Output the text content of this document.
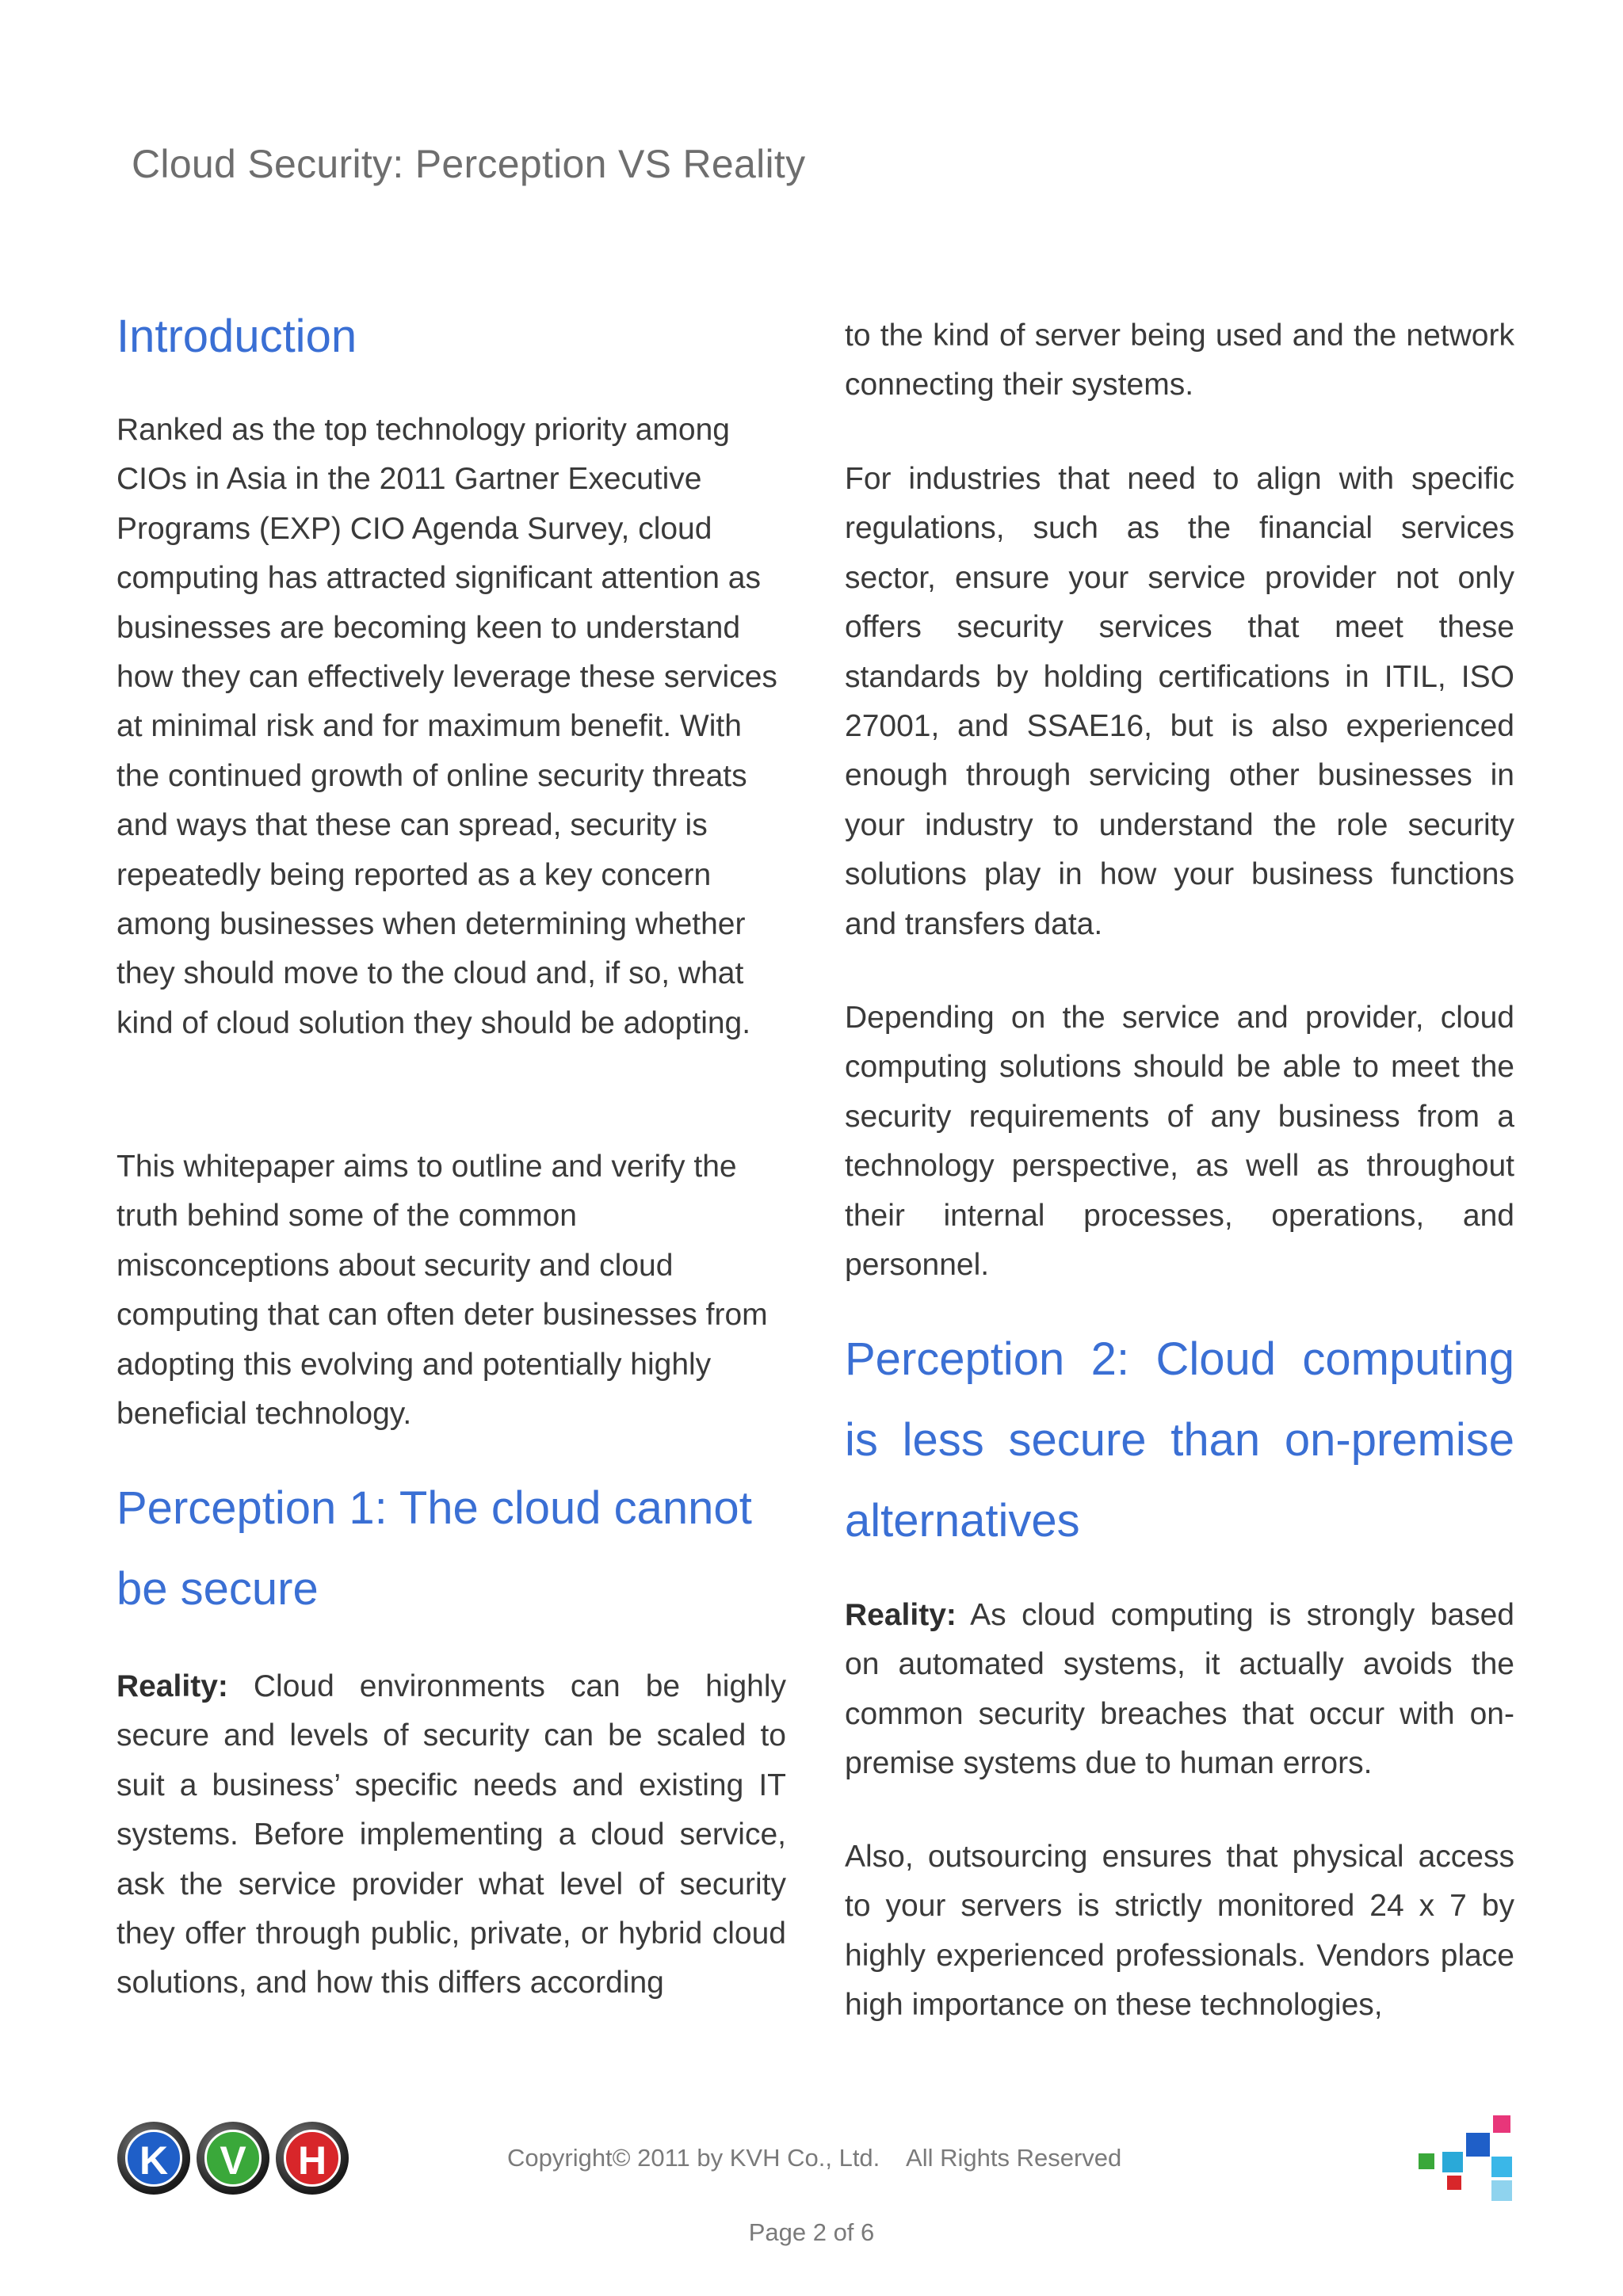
Cloud Security: Perception VS Reality
Introduction

Ranked as the top technology priority among CIOs in Asia in the 2011 Gartner Executive Programs (EXP) CIO Agenda Survey, cloud computing has attracted significant attention as businesses are becoming keen to understand how they can effectively leverage these services at minimal risk and for maximum benefit. With the continued growth of online security threats and ways that these can spread, security is repeatedly being reported as a key concern among businesses when determining whether they should move to the cloud and, if so, what kind of cloud solution they should be adopting.

This whitepaper aims to outline and verify the truth behind some of the common misconceptions about security and cloud computing that can often deter businesses from adopting this evolving and potentially highly beneficial technology.

Perception 1: The cloud cannot be secure

Reality: Cloud environments can be highly secure and levels of security can be scaled to suit a business’ specific needs and existing IT systems. Before implementing a cloud service, ask the service provider what level of security they offer through public, private, or hybrid cloud solutions, and how this differs according

to the kind of server being used and the network connecting their systems.

For industries that need to align with specific regulations, such as the financial services sector, ensure your service provider not only offers security services that meet these standards by holding certifications in ITIL, ISO 27001, and SSAE16, but is also experienced enough through servicing other businesses in your industry to understand the role security solutions play in how your business functions and transfers data.

Depending on the service and provider, cloud computing solutions should be able to meet the security requirements of any business from a technology perspective, as well as throughout their internal processes, operations, and personnel.

Perception 2: Cloud computing is less secure than on-premise alternatives

Reality: As cloud computing is strongly based on automated systems, it actually avoids the common security breaches that occur with on-premise systems due to human errors.

Also, outsourcing ensures that physical access to your servers is strictly monitored 24 x 7 by highly experienced professionals. Vendors place high importance on these technologies,

K	V	H	Copyright© 2011 by KVH Co., Ltd.    All Rights Reserved
Page 2 of 6
